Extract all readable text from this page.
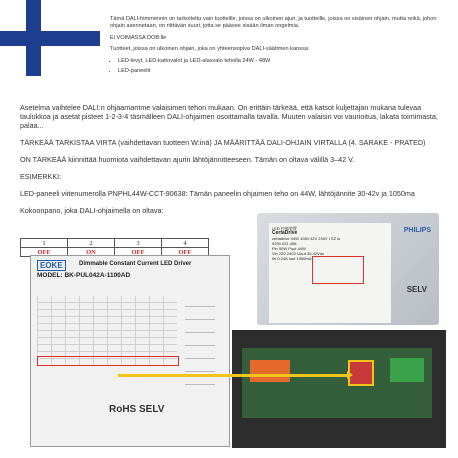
Tämä DALI-himmennin on tarkoitettu vain tuotteille, joissa on ulkoinen ajuri, ja tuotteille, joissa on sisäinen ohjain, mutta reikä, johon ohjain asennetaan, on riittävän suuri, jotta se pääsee sisään ilman ongelmia.

Ei VOIMASSA DOB:lle

Tuotteet, joissa on ulkoinen ohjain, joka on yhteensopiva DALI-säätimen kanssa:

• LED-levyt, LED-kattovalot ja LED-alasvalo teholla 24W - 48W
• LED-paneelit

Asetelma vaihtelee DALI:n ohjaamamme valaisimen tehon mukaan. On erittäin tärkeää, että katsot kuljettajan mukana tulevaa taulukkoa ja asetat pisteet 1-2-3-4 täsmälleen DALI-ohjaimen osoittamalla tavalla. Muuten valaisin voi vaurioitua, lakata toimimasta, palaa...

TÄRKEÄÄ TARKISTAA VIRTA (vaihdettavan tuotteen W:inä) JA MÄÄRITTÄÄ DALI-OHJAIN VIRTALLA (4. SARAKE - PRATED)

ON TÄRKEÄÄ kiinnittää huomiota vaihdettavan ajurin lähtöjännitteeseen. Tämän on oltava välillä 3–42 V.

ESIMERKKI:

LED-paneeli viitenumerolla PNPHL44W-CCT-90638: Tämän paneelin ohjaimen teho on 44W, lähtöjännite 30-42v ja 1050ma

Kokoonpano, joka DALI-ohjaimella on oltava:

1	2	3	4
OFF	ON	OFF	OFF
LED 控制装置
CertaDrive
certadrive 44W 1050 42V 230V I SZ is
9290 021 458
Pin 50W Pout 44W
Vin 220-240V Uout 30-42Vdc
Iin 0.24A Iout 1050mA
PHILIPS
SELV
EOKE	Dimmable Constant Current LED Driver
MODEL: BK-PUL042A-1100AD
RoHS SELV
